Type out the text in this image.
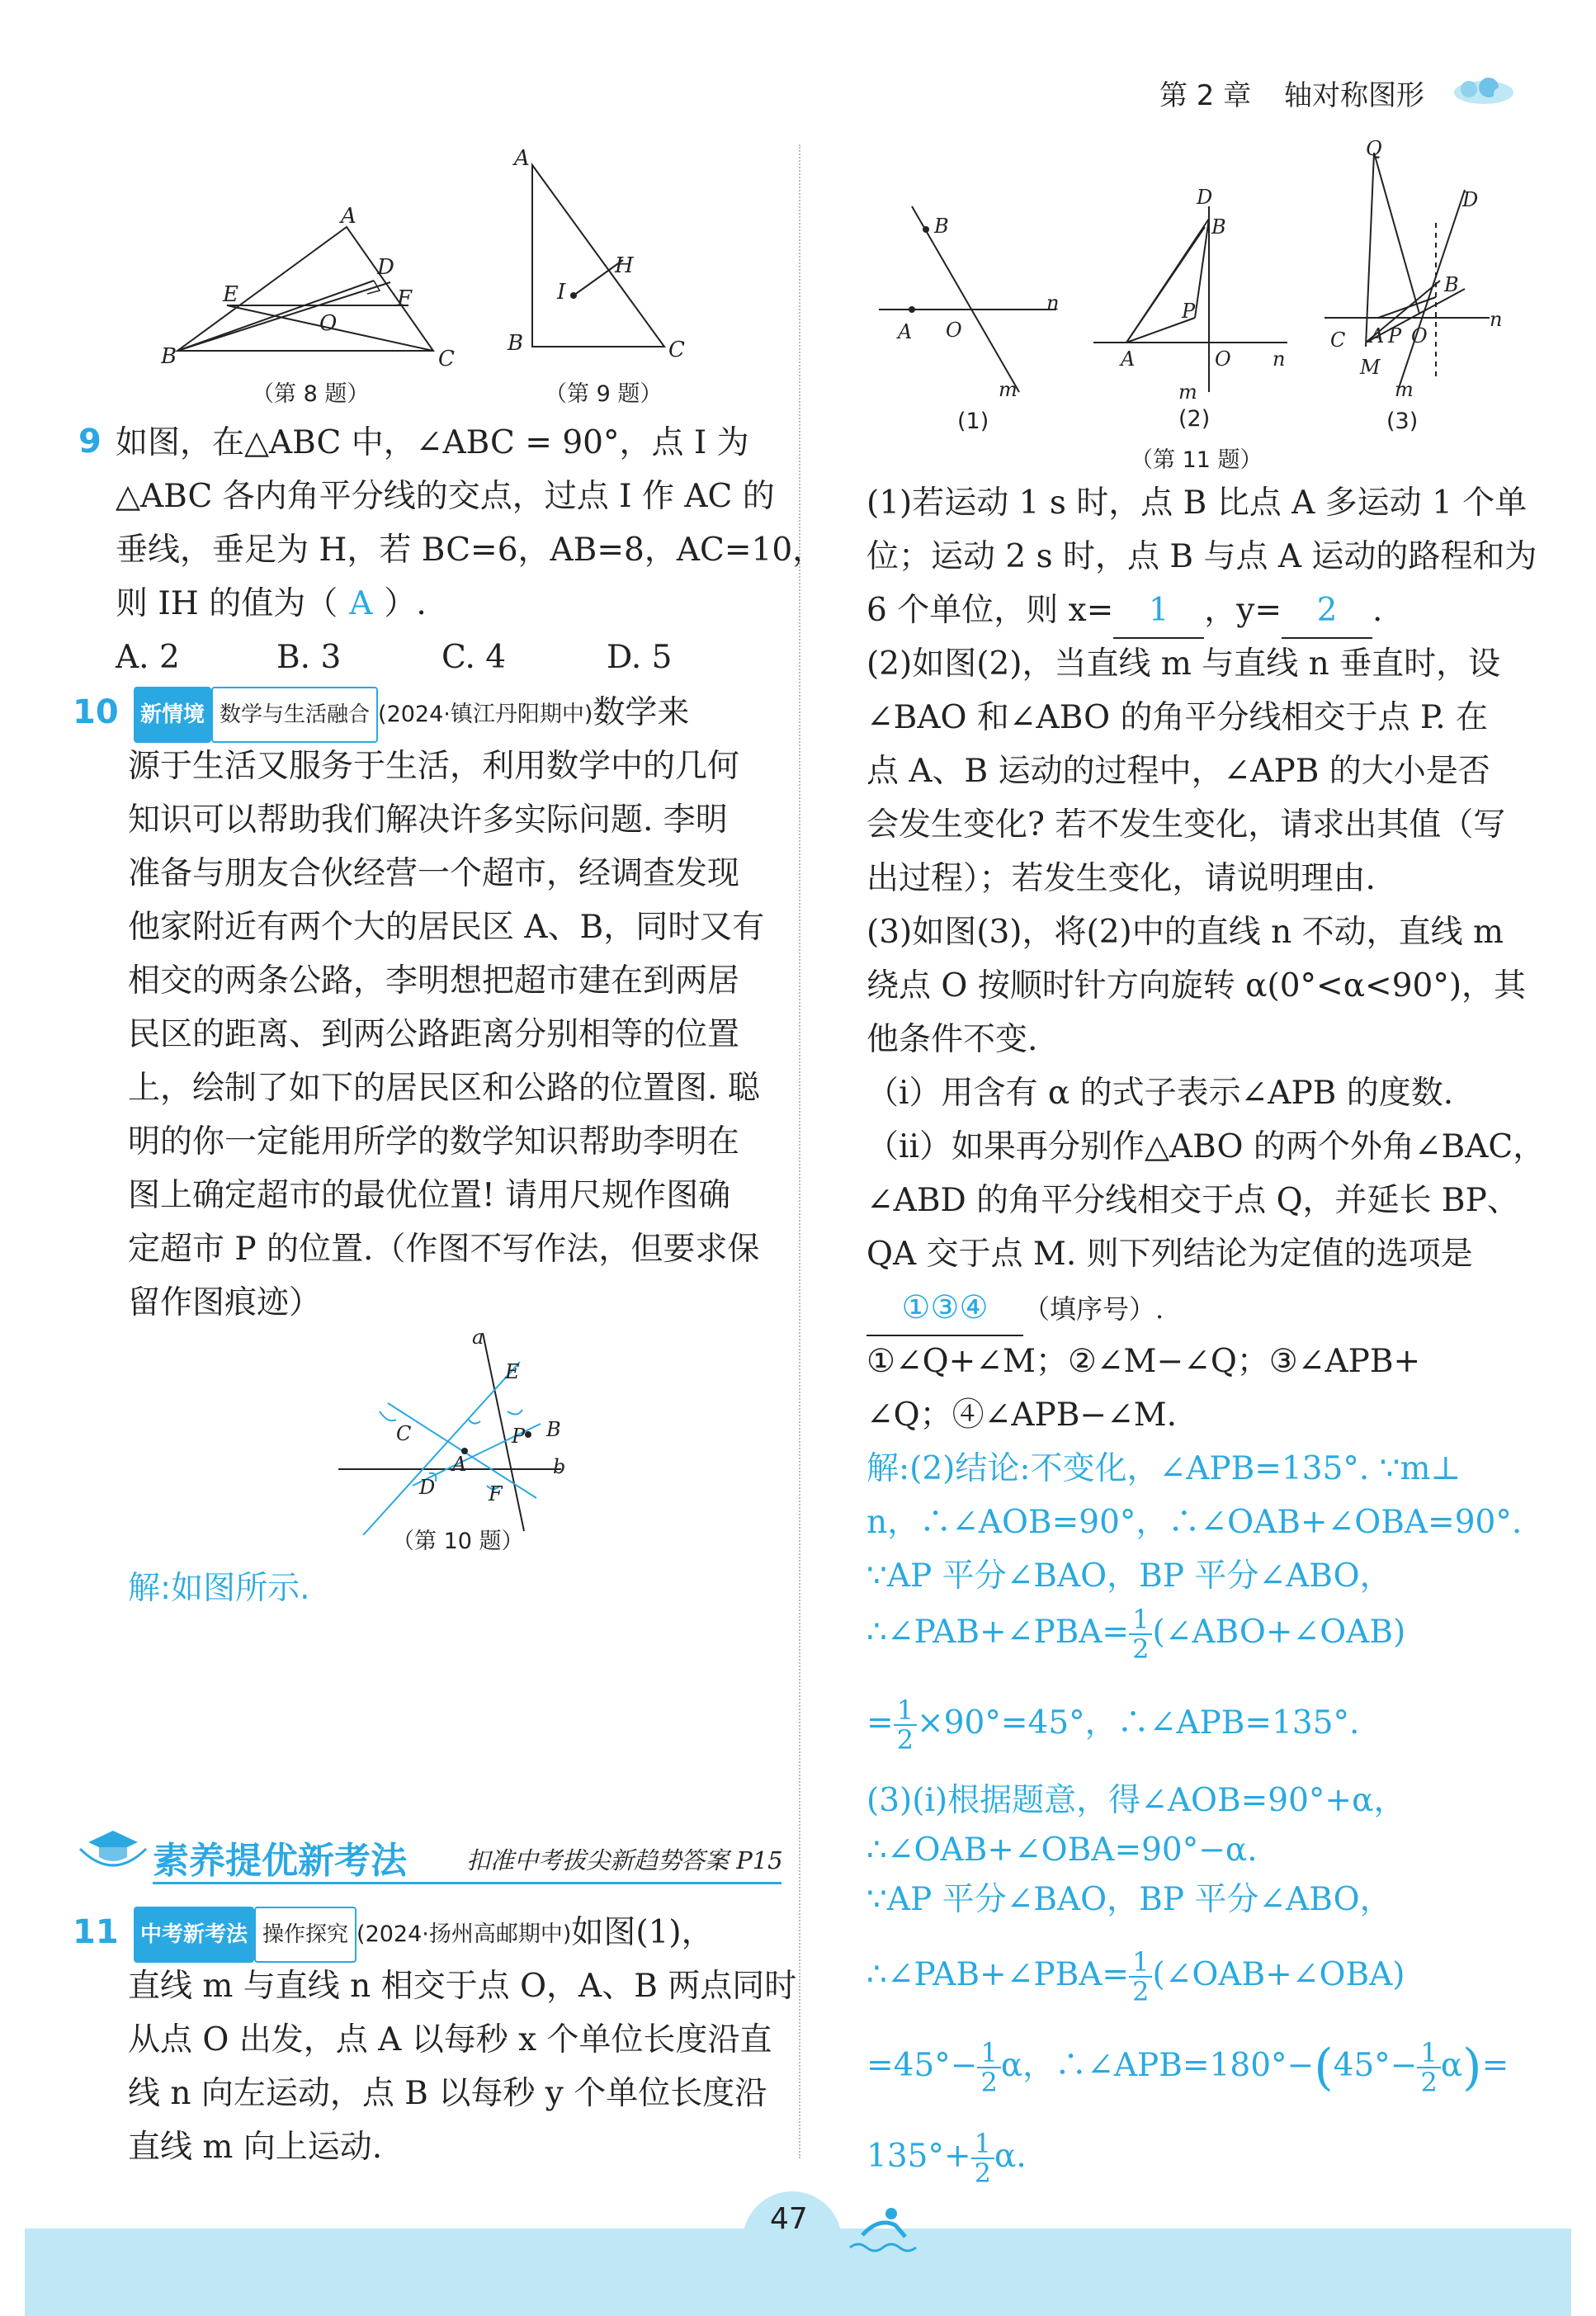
第 2 章 轴对称图形
A
B	C
D
E	F
O
（第 8 题）
A
B	C
H
I
（第 9 题）
9 如图，在△ABC 中，∠ABC = 90°，点 I 为
△ABC 各内角平分线的交点，过点 I 作 AC 的
垂线，垂足为 H，若 BC=6，AB=8，AC=10，
则 IH 的值为（ A ）.
A. 2	B. 3	C. 4	D. 5
10	新情境 数学与生活融合 (2024·镇江丹阳期中)数学来
源于生活又服务于生活，利用数学中的几何
知识可以帮助我们解决许多实际问题. 李明
准备与朋友合伙经营一个超市，经调查发现
他家附近有两个大的居民区 A、B，同时又有
相交的两条公路，李明想把超市建在到两居
民区的距离、到两公路距离分别相等的位置
上，绘制了如下的居民区和公路的位置图. 聪
明的你一定能用所学的数学知识帮助李明在
图上确定超市的最优位置! 请用尺规作图确
定超市 P 的位置.（作图不写作法，但要求保
留作图痕迹）
a
E
C
A
P B
D	F
b
（第 10 题）
解:如图所示.
素养提优新考法 扣准中考拔尖新趋势
答案 P15
11	中考新考法 操作探究 (2024·扬州高邮期中)如图(1)，
直线 m 与直线 n 相交于点 O，A、B 两点同时
从点 O 出发，点 A 以每秒 x 个单位长度沿直
线 n 向左运动，点 B 以每秒 y 个单位长度沿
直线 m 向上运动.
B
A O
n
m
(1)
D
B
P
A	O n
m
(2)
Q
D
B
C A P O
M
n
m
(3)
（第 11 题）
(1)若运动 1 s 时，点 B 比点 A 多运动 1 个单
位；运动 2 s 时，点 B 与点 A 运动的路程和为
6 个单位，则 x= 1 ，y= 2 .
(2)如图(2)，当直线 m 与直线 n 垂直时，设
∠BAO 和∠ABO 的角平分线相交于点 P. 在
点 A、B 运动的过程中，∠APB 的大小是否
会发生变化? 若不发生变化，请求出其值（写
出过程）；若发生变化，请说明理由.
(3)如图(3)，将(2)中的直线 n 不动，直线 m
绕点 O 按顺时针方向旋转 α(0°<α<90°)，其
他条件不变.
（ⅰ）用含有 α 的式子表示∠APB 的度数.
（ⅱ）如果再分别作△ABO 的两个外角∠BAC，
∠ABD 的角平分线相交于点 Q，并延长 BP、
QA 交于点 M. 则下列结论为定值的选项是
①③④ （填序号）.
①∠Q+∠M；②∠M−∠Q；③∠APB+
∠Q；④∠APB−∠M.
解:(2)结论:不变化，∠APB=135°. ∵m⊥
n，∴∠AOB=90°，∴∠OAB+∠OBA=90°.
∵AP 平分∠BAO，BP 平分∠ABO，
∴∠PAB+∠PBA= $\frac{1}{2}$ (∠ABO+∠OAB)
= $\frac{1}{2} \times 90^\circ=45^\circ$，∴∠APB=135°.
(3)(ⅰ)根据题意，得∠AOB=90°+α，
∴∠OAB+∠OBA=90°−α.
∵AP 平分∠BAO，BP 平分∠ABO，
∴∠PAB+∠PBA= $\frac{1}{2}$ (∠OAB+∠OBA)
$=45^\circ- \frac{1}{2}$ α，∴∠APB=180°−(45°− $\frac{1}{2} \alpha)=$
$135^\circ+ \frac{1}{2} \alpha$.
47
